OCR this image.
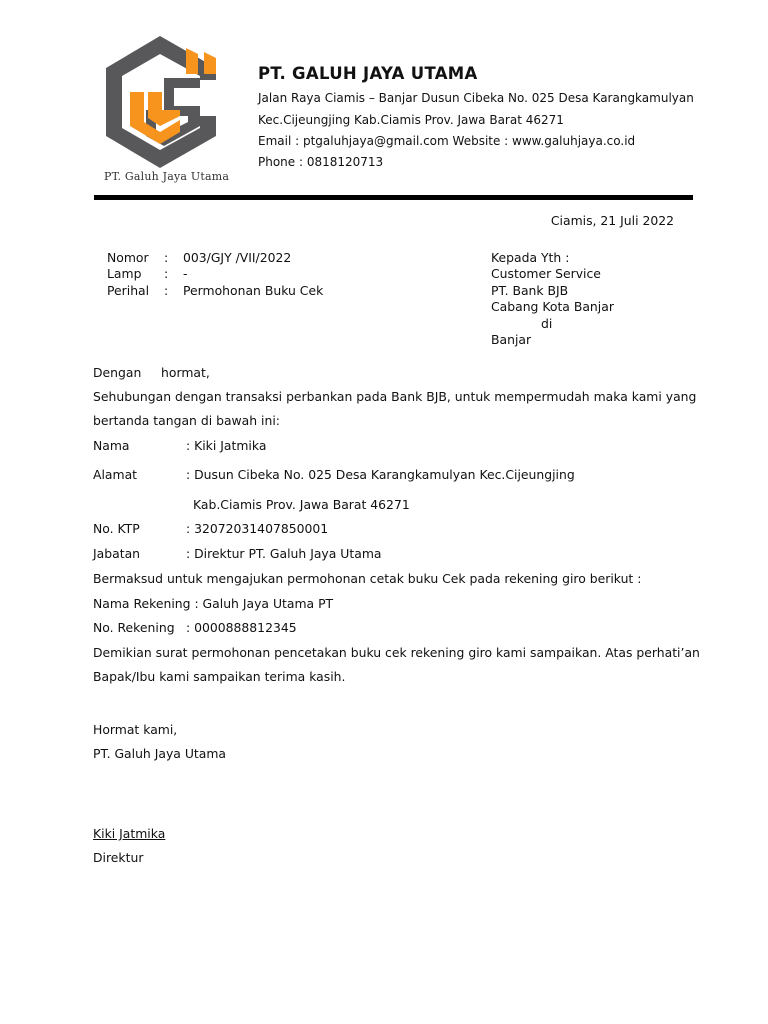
PT. Galuh Jaya Utama
PT. GALUH JAYA UTAMA
Jalan Raya Ciamis – Banjar Dusun Cibeka No. 025 Desa Karangkamulyan
Kec.Cijeungjing Kab.Ciamis Prov. Jawa Barat 46271
Email : ptgaluhjaya@gmail.com Website : www.galuhjaya.co.id
Phone : 0818120713
Ciamis, 21 Juli 2022
Nomor : 003/GJY /VII/2022
Lamp : -
Perihal : Permohonan Buku Cek
Kepada Yth :
Customer Service
PT. Bank BJB
Cabang Kota Banjar
di
Banjar
Dengan     hormat,
Sehubungan dengan transaksi perbankan pada Bank BJB, untuk mempermudah maka kami yang
bertanda tangan di bawah ini:
Nama	: Kiki Jatmika
Alamat	: Dusun Cibeka No. 025 Desa Karangkamulyan Kec.Cijeungjing
Kab.Ciamis Prov. Jawa Barat 46271
No. KTP	: 32072031407850001
Jabatan	: Direktur PT. Galuh Jaya Utama
Bermaksud untuk mengajukan permohonan cetak buku Cek pada rekening giro berikut :
Nama Rekening : Galuh Jaya Utama PT
No. Rekening : 0000888812345
Demikian surat permohonan pencetakan buku cek rekening giro kami sampaikan. Atas perhati’an
Bapak/Ibu kami sampaikan terima kasih.
Hormat kami,
PT. Galuh Jaya Utama
Kiki Jatmika
Direktur
